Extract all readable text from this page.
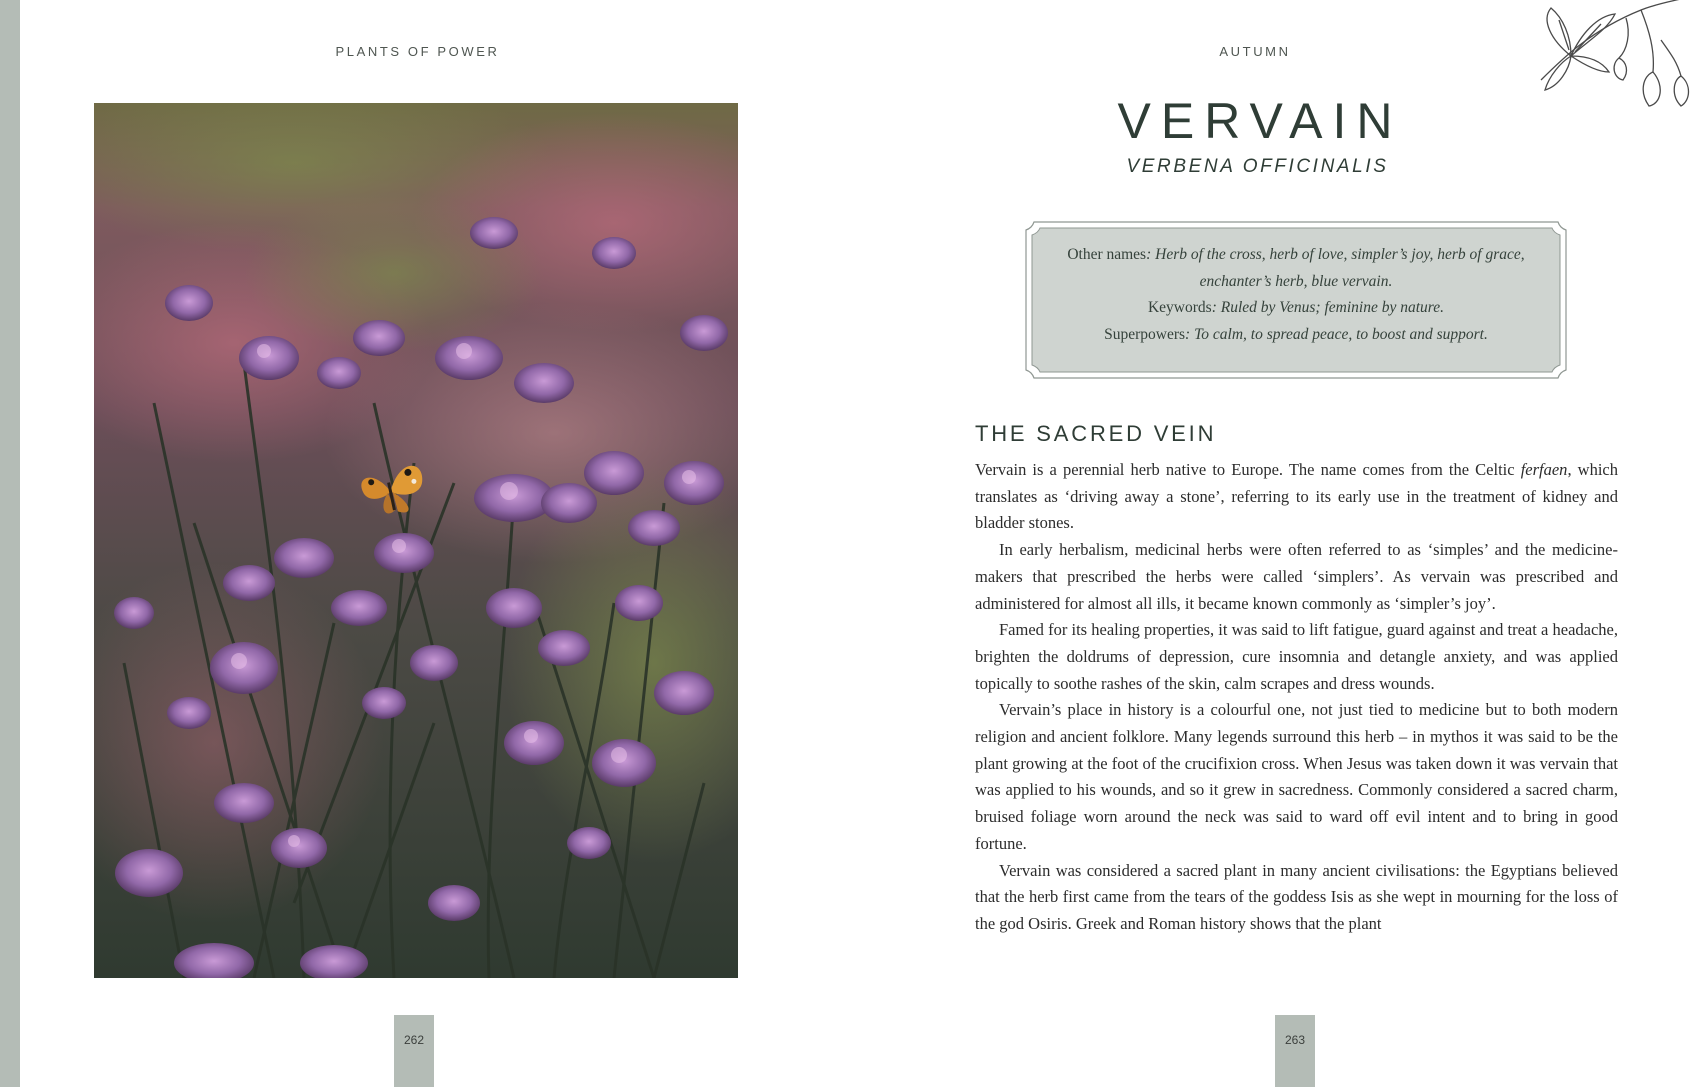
PLANTS OF POWER
262
AUTUMN
VERVAIN
VERBENA OFFICINALIS
Other names: Herb of the cross, herb of love, simpler’s joy, herb of grace, enchanter’s herb, blue vervain.
Keywords: Ruled by Venus; feminine by nature.
Superpowers: To calm, to spread peace, to boost and support.
THE SACRED VEIN

Vervain is a perennial herb native to Europe. The name comes from the Celtic ferfaen, which translates as ‘driving away a stone’, referring to its early use in the treatment of kidney and bladder stones.

In early herbalism, medicinal herbs were often referred to as ‘simples’ and the medicine-makers that prescribed the herbs were called ‘simplers’. As vervain was prescribed and administered for almost all ills, it became known commonly as ‘simpler’s joy’.

Famed for its healing properties, it was said to lift fatigue, guard against and treat a headache, brighten the doldrums of depression, cure insomnia and detangle anxiety, and was applied topically to soothe rashes of the skin, calm scrapes and dress wounds.

Vervain’s place in history is a colourful one, not just tied to medicine but to both modern religion and ancient folklore. Many legends surround this herb – in mythos it was said to be the plant growing at the foot of the crucifixion cross. When Jesus was taken down it was vervain that was applied to his wounds, and so it grew in sacredness. Commonly considered a sacred charm, bruised foliage worn around the neck was said to ward off evil intent and to bring in good fortune.

Vervain was considered a sacred plant in many ancient civilisations: the Egyptians believed that the herb first came from the tears of the goddess Isis as she wept in mourning for the loss of the god Osiris. Greek and Roman history shows that the plant

263
